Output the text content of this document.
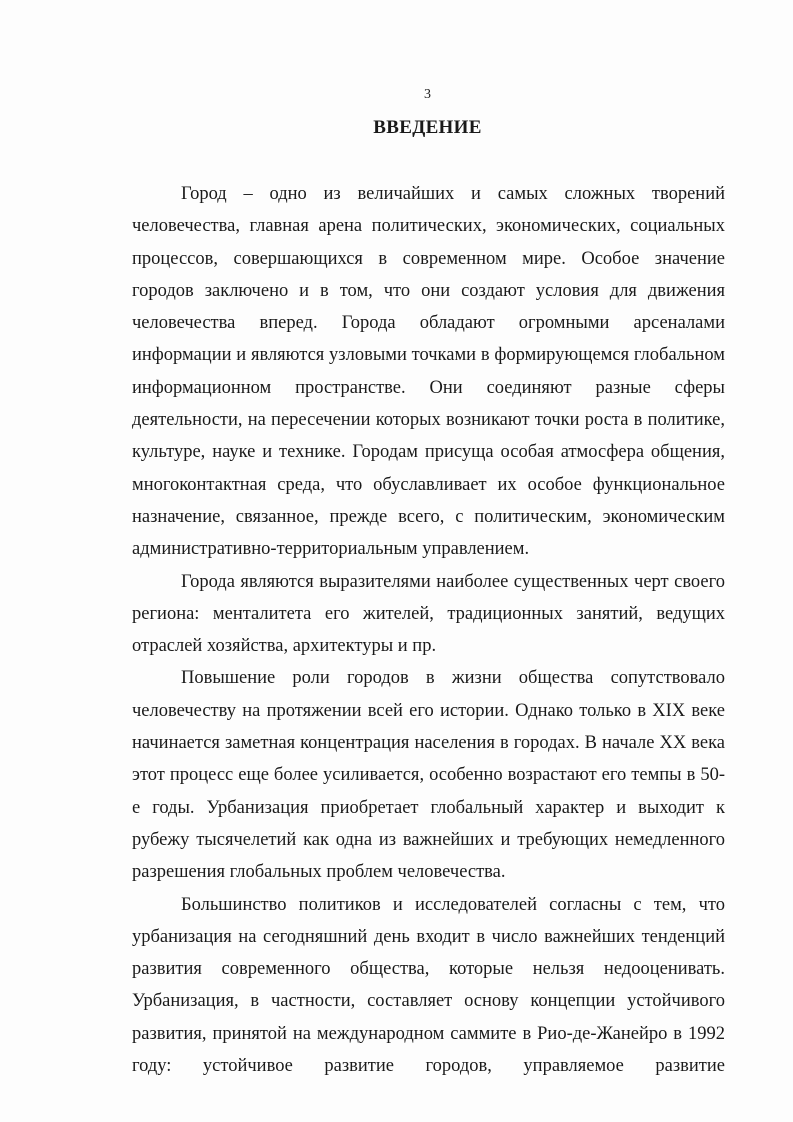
3
ВВЕДЕНИЕ

Город – одно из величайших и самых сложных творений человечества, главная арена политических, экономических, социальных процессов, совершающихся в современном мире. Особое значение городов заключено и в том, что они создают условия для движения человечества вперед. Города обладают огромными арсеналами информации и являются узловыми точками в формирующемся глобальном информационном пространстве. Они соединяют разные сферы деятельности, на пересечении которых возникают точки роста в политике, культуре, науке и технике. Городам присуща особая атмосфера общения, многоконтактная среда, что обуславливает их особое функциональное назначение, связанное, прежде всего, с политическим, экономическим административно-территориальным управлением.

Города являются выразителями наиболее существенных черт своего региона: менталитета его жителей, традиционных занятий, ведущих отраслей хозяйства, архитектуры и пр.

Повышение роли городов в жизни общества сопутствовало человечеству на протяжении всей его истории. Однако только в XIX веке начинается заметная концентрация населения в городах. В начале XX века этот процесс еще более усиливается, особенно возрастают его темпы в 50-е годы. Урбанизация приобретает глобальный характер и выходит к рубежу тысячелетий как одна из важнейших и требующих немедленного разрешения глобальных проблем человечества.

Большинство политиков и исследователей согласны с тем, что урбанизация на сегодняшний день входит в число важнейших тенденций развития современного общества, которые нельзя недооценивать. Урбанизация, в частности, составляет основу концепции устойчивого развития, принятой на международном саммите в Рио-де-Жанейро в 1992 году: устойчивое развитие городов, управляемое развитие
